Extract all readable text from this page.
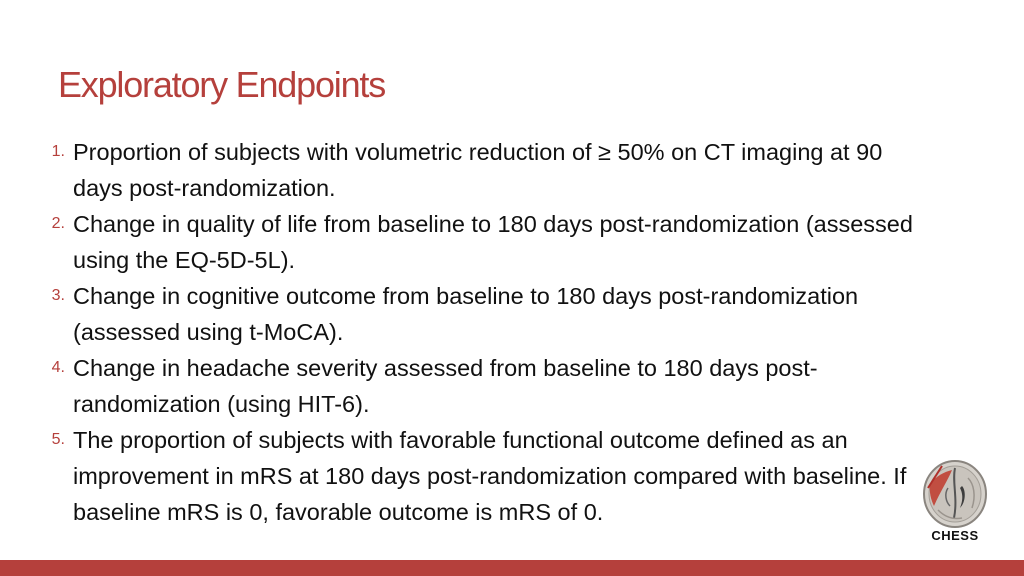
Exploratory Endpoints
1. Proportion of subjects with volumetric reduction of ≥ 50% on CT imaging at 90 days post-randomization.
2. Change in quality of life from baseline to 180 days post-randomization (assessed using the EQ-5D-5L).
3. Change in cognitive outcome from baseline to 180 days post-randomization (assessed using t-MoCA).
4. Change in headache severity assessed from baseline to 180 days post-randomization (using HIT-6).
5. The proportion of subjects with favorable functional outcome defined as an improvement in mRS at 180 days post-randomization compared with baseline. If baseline mRS is 0, favorable outcome is mRS of 0.
CHESS
